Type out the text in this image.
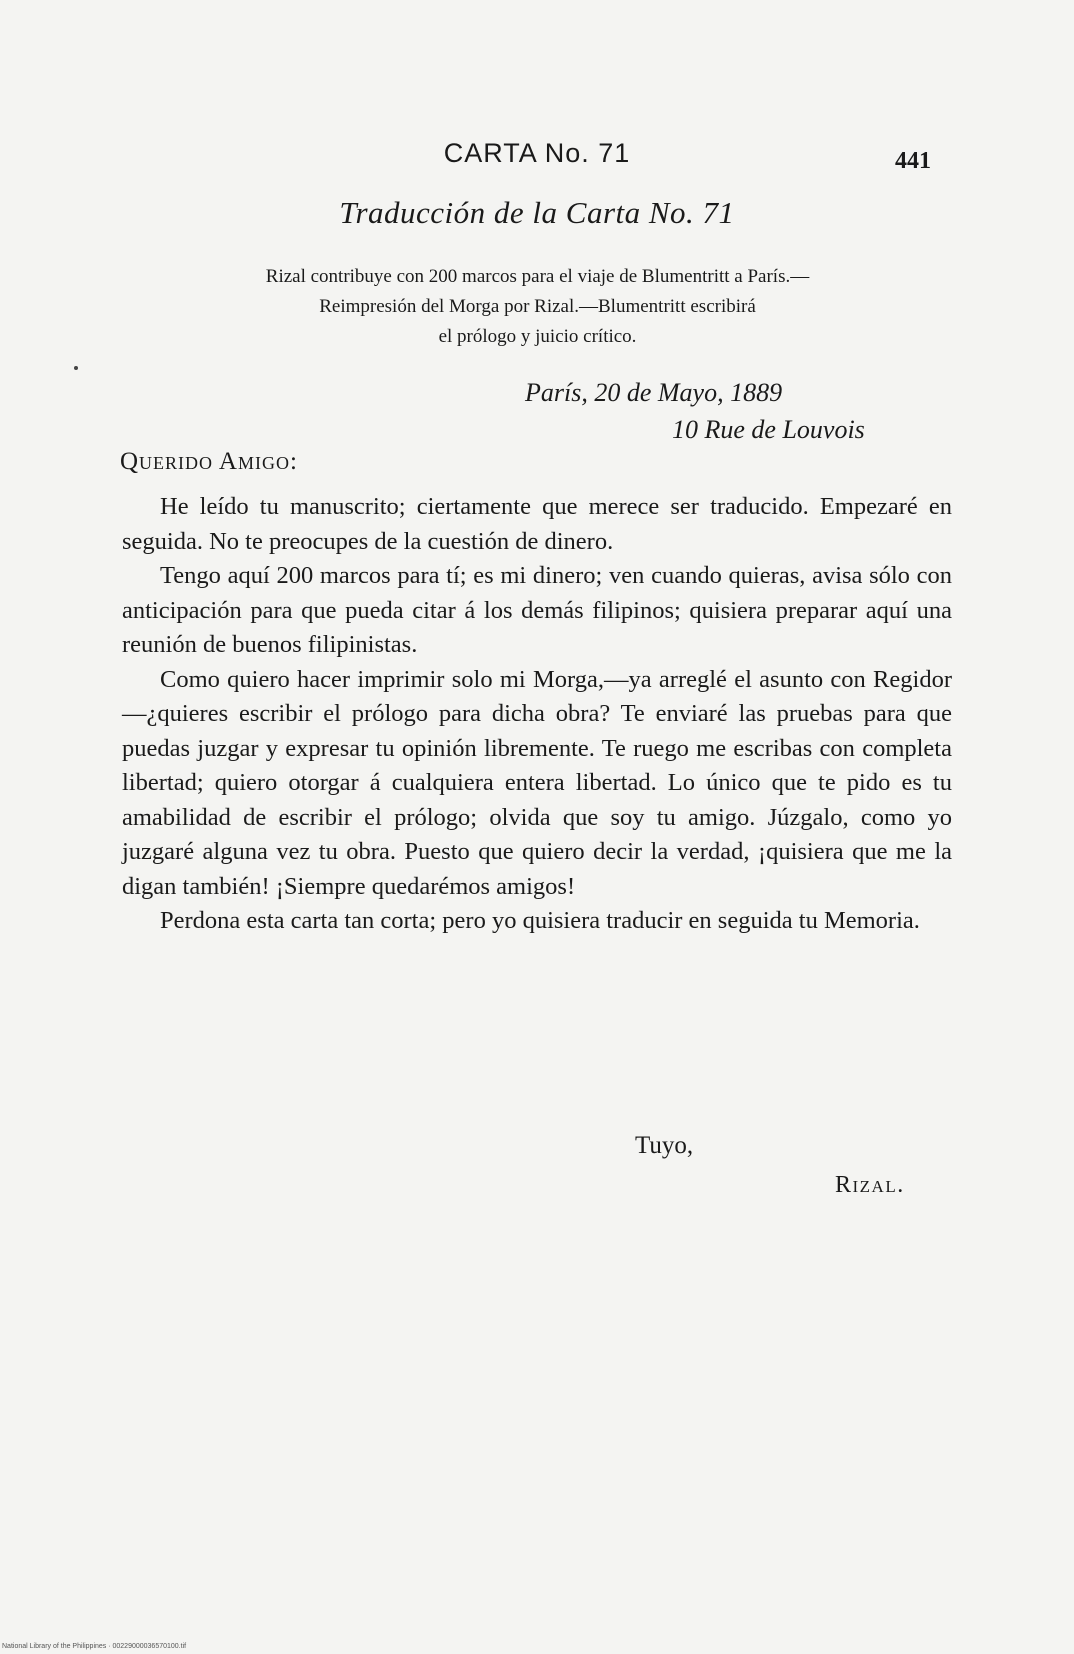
CARTA No. 71	441
Traducción de la Carta No. 71
Rizal contribuye con 200 marcos para el viaje de Blumentritt a París.—
Reimpresión del Morga por Rizal.—Blumentritt escribirá
el prólogo y juicio crítico.
París, 20 de Mayo, 1889
10 Rue de Louvois
Querido Amigo:

He leído tu manuscrito; ciertamente que merece ser traducido. Empezaré en seguida. No te preocupes de la cuestión de dinero.

Tengo aquí 200 marcos para tí; es mi dinero; ven cuando quieras, avisa sólo con anticipación para que pueda citar á los demás filipinos; quisiera preparar aquí una reunión de buenos filipinistas.

Como quiero hacer imprimir solo mi Morga,—ya arreglé el asunto con Regidor—¿quieres escribir el prólogo para dicha obra? Te enviaré las pruebas para que puedas juzgar y expresar tu opinión libremente. Te ruego me escribas con completa libertad; quiero otorgar á cualquiera entera libertad. Lo único que te pido es tu amabilidad de escribir el prólogo; olvida que soy tu amigo. Júzgalo, como yo juzgaré alguna vez tu obra. Puesto que quiero decir la verdad, ¡quisiera que me la digan también! ¡Siempre quedarémos amigos!

Perdona esta carta tan corta; pero yo quisiera traducir en seguida tu Memoria.

Tuyo,
Rizal.
National Library of the Philippines · 00229000036570100.tif
